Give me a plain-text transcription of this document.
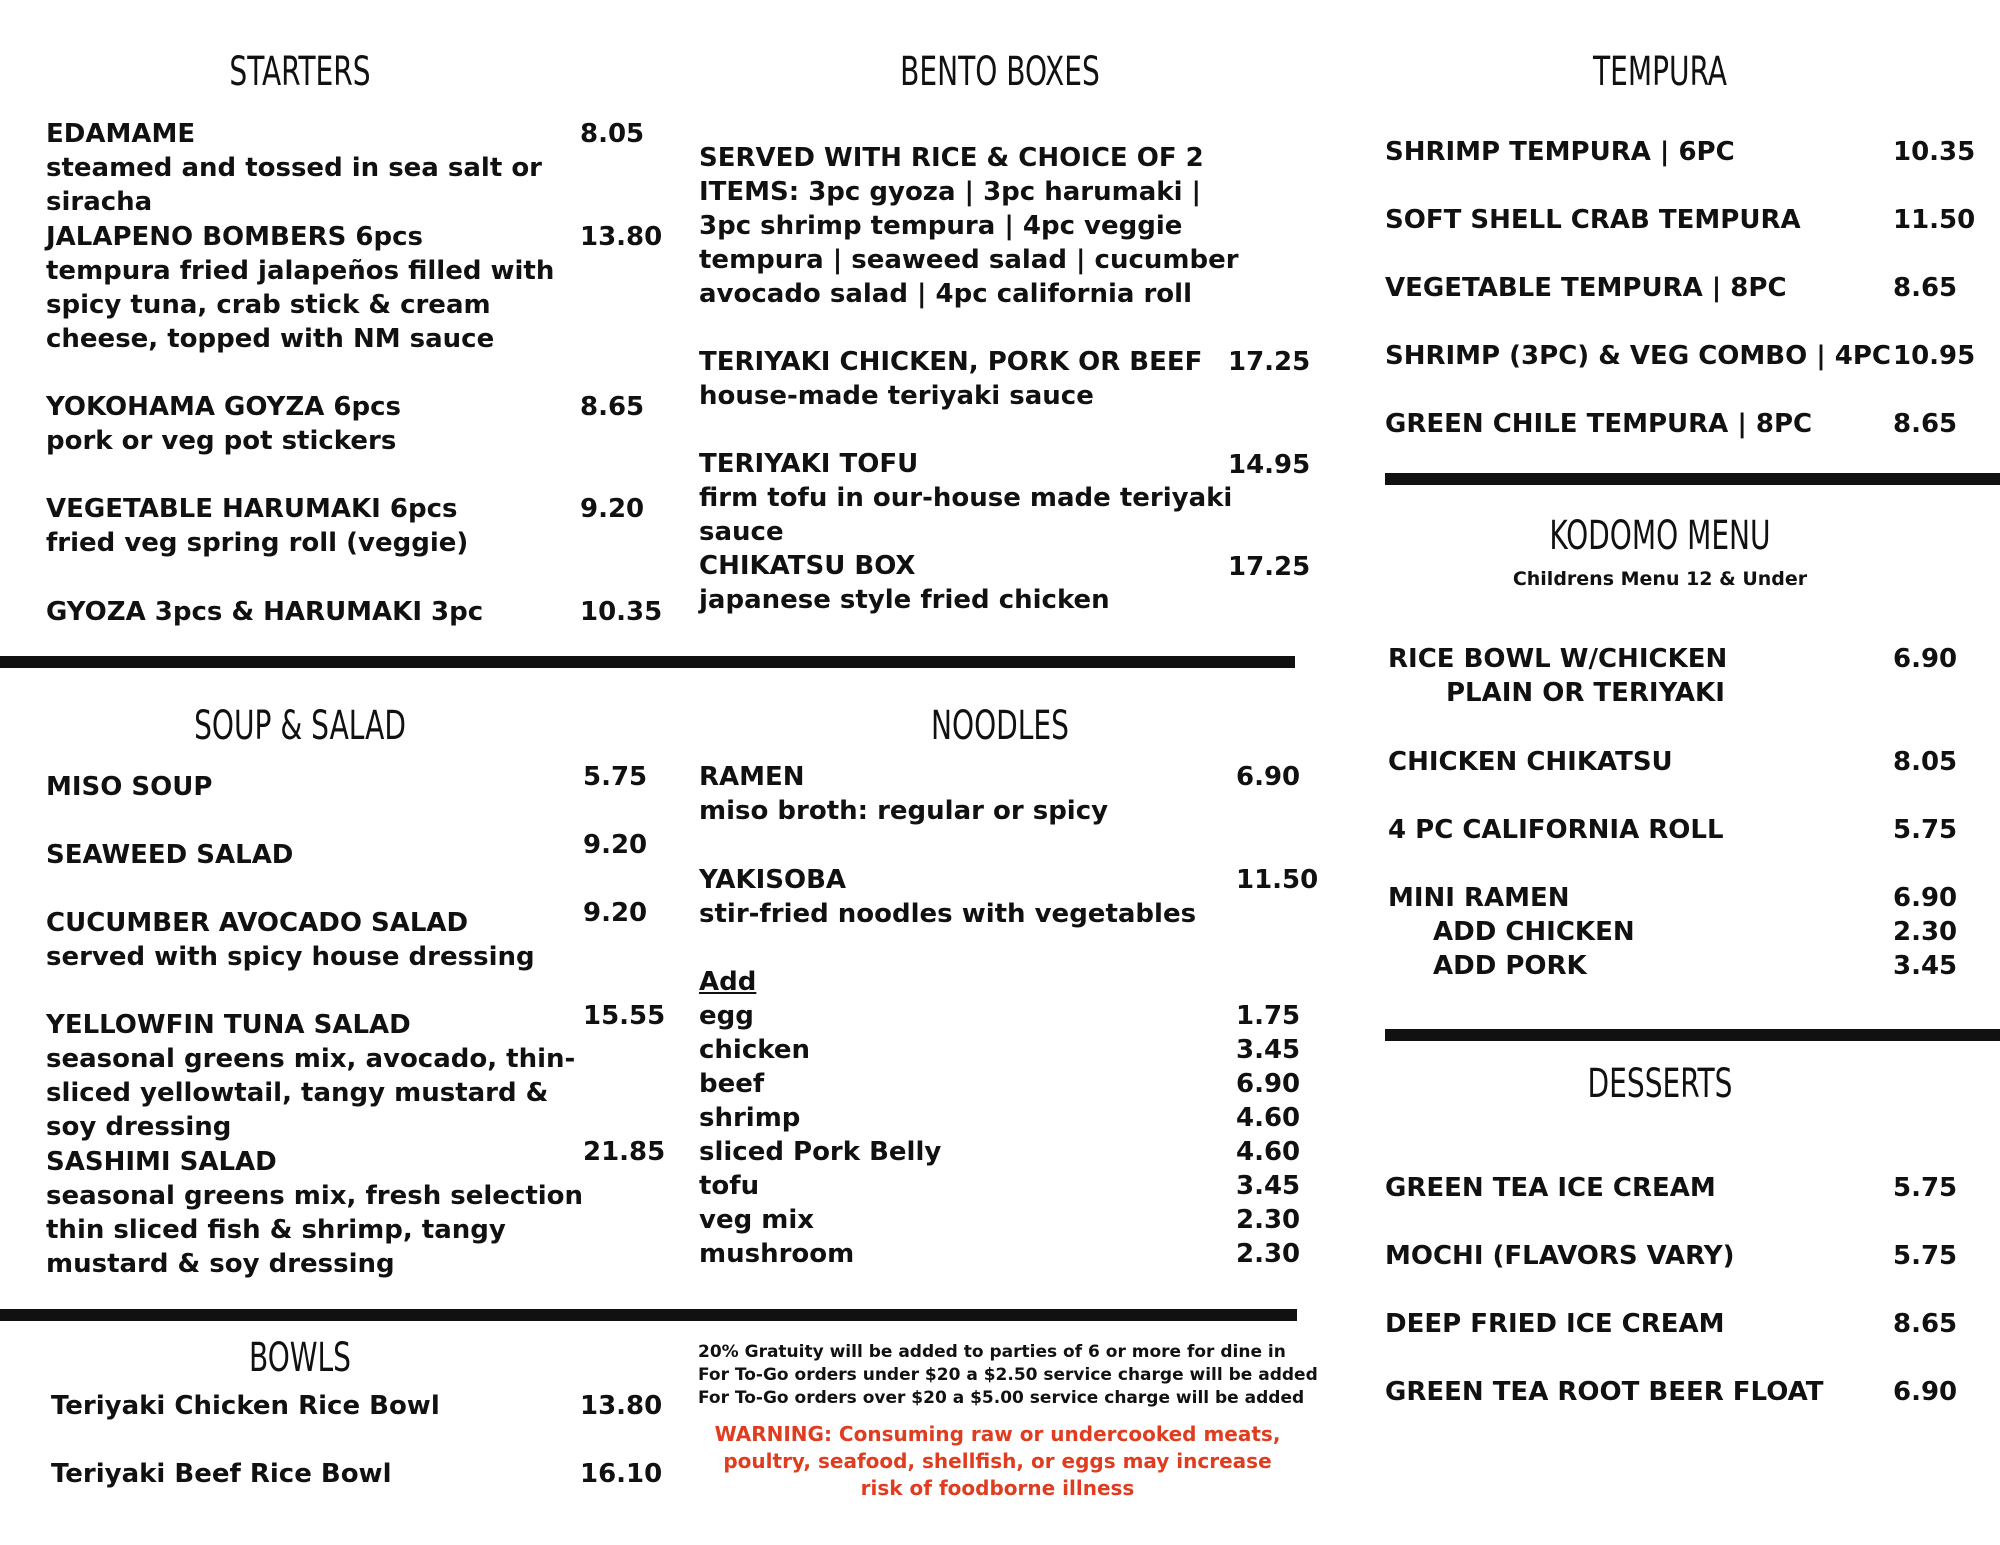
STARTERS
EDAMAME	8.05
steamed and tossed in sea salt or siracha
JALAPENO BOMBERS 6pcs	13.80
tempura fried jalapeños filled with spicy tuna, crab stick & cream cheese, topped with NM sauce
YOKOHAMA GOYZA 6pcs	8.65
pork or veg pot stickers
VEGETABLE HARUMAKI 6pcs	9.20
fried veg spring roll (veggie)
GYOZA 3pcs & HARUMAKI 3pc	10.35
BENTO BOXES
SERVED WITH RICE & CHOICE OF 2 ITEMS: 3pc gyoza | 3pc harumaki | 3pc shrimp tempura | 4pc veggie tempura | seaweed salad | cucumber avocado salad | 4pc california roll
TERIYAKI CHICKEN, PORK OR BEEF 17.25
house-made teriyaki sauce
TERIYAKI TOFU	14.95
firm tofu in our-house made teriyaki sauce
CHIKATSU BOX	17.25
japanese style fried chicken
TEMPURA
SHRIMP TEMPURA | 6PC	10.35
SOFT SHELL CRAB TEMPURA	11.50
VEGETABLE TEMPURA | 8PC	8.65
SHRIMP (3PC) & VEG COMBO | 4PC 10.95
GREEN CHILE TEMPURA | 8PC	8.65
KODOMO MENU
Childrens Menu 12 & Under
RICE BOWL W/CHICKEN	6.90
PLAIN OR TERIYAKI
CHICKEN CHIKATSU	8.05
4 PC CALIFORNIA ROLL	5.75
MINI RAMEN	6.90
ADD CHICKEN	2.30
ADD PORK	3.45
DESSERTS
GREEN TEA ICE CREAM	5.75
MOCHI (FLAVORS VARY)	5.75
DEEP FRIED ICE CREAM	8.65
GREEN TEA ROOT BEER FLOAT	6.90
SOUP & SALAD
MISO SOUP	5.75
SEAWEED SALAD	9.20
CUCUMBER AVOCADO SALAD	9.20
served with spicy house dressing
YELLOWFIN TUNA SALAD	15.55
seasonal greens mix, avocado, thin-sliced yellowtail, tangy mustard & soy dressing
SASHIMI SALAD	21.85
seasonal greens mix, fresh selection thin sliced fish & shrimp, tangy mustard & soy dressing
NOODLES
RAMEN	6.90
miso broth: regular or spicy
YAKISOBA	11.50
stir-fried noodles with vegetables
Add
egg	1.75
chicken	3.45
beef	6.90
shrimp	4.60
sliced Pork Belly	4.60
tofu	3.45
veg mix	2.30
mushroom	2.30
BOWLS
Teriyaki Chicken Rice Bowl	13.80
Teriyaki Beef Rice Bowl	16.10
20% Gratuity will be added to parties of 6 or more for dine in
For To-Go orders under $20 a $2.50 service charge will be added
For To-Go orders over $20 a $5.00 service charge will be added
WARNING: Consuming raw or undercooked meats, poultry, seafood, shellfish, or eggs may increase risk of foodborne illness
